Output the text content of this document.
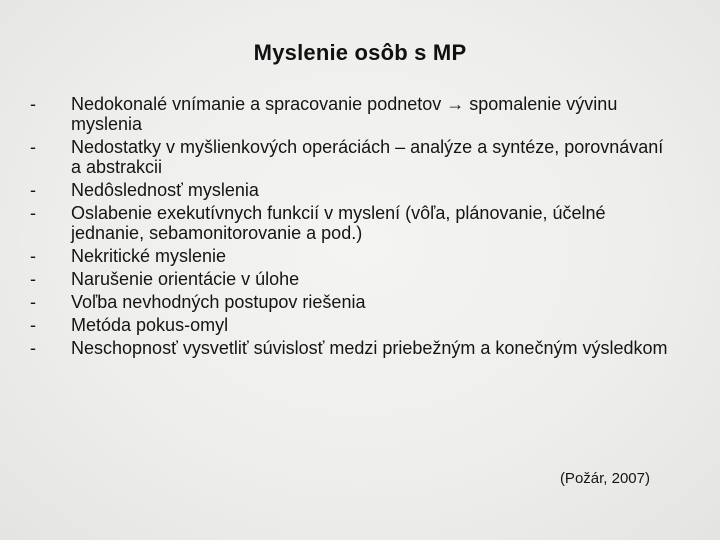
Myslenie osôb s MP
-	Nedokonalé vnímanie a spracovanie podnetov → spomalenie vývinu myslenia
-	Nedostatky v myšlienkových operáciách – analýze a syntéze, porovnávaní a abstrakcii
-	Nedôslednosť myslenia
-	Oslabenie exekutívnych funkcií v myslení (vôľa, plánovanie, účelné jednanie, sebamonitorovanie a pod.)
-	Nekritické myslenie
-	Narušenie orientácie v úlohe
-	Voľba nevhodných postupov riešenia
-	Metóda pokus-omyl
-	Neschopnosť vysvetliť súvislosť medzi priebežným a konečným výsledkom
(Požár, 2007)
